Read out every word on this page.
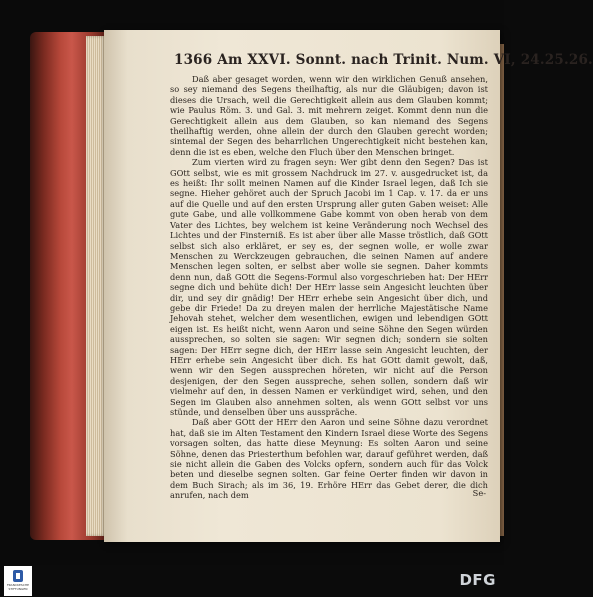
1366 Am XXVI. Sonnt. nach Trinit. Num. VI, 24.25.26.

Daß aber gesaget worden, wenn wir den wirklichen Genuß ansehen, so sey niemand des Segens theilhaftig, als nur die Gläubigen; davon ist dieses die Ursach, weil die Gerechtigkeit allein aus dem Glauben kommt; wie Paulus Röm. 3. und Gal. 3. mit mehrern zeiget. Kommt denn nun die Gerechtigkeit allein aus dem Glauben, so kan niemand des Segens theilhaftig werden, ohne allein der durch den Glauben gerecht worden; sintemal der Segen des beharrlichen Ungerechtigkeit nicht bestehen kan, denn die ist es eben, welche den Fluch über den Menschen bringet.

Zum vierten wird zu fragen seyn: Wer gibt denn den Segen? Das ist GOtt selbst, wie es mit grossem Nachdruck im 27. v. ausgedrucket ist, da es heißt: Ihr sollt meinen Namen auf die Kinder Israel legen, daß Ich sie segne. Hieher gehöret auch der Spruch Jacobi im 1 Cap. v. 17. da er uns auf die Quelle und auf den ersten Ursprung aller guten Gaben weiset: Alle gute Gabe, und alle vollkommene Gabe kommt von oben herab von dem Vater des Lichtes, bey welchem ist keine Veränderung noch Wechsel des Lichtes und der Finsterniß. Es ist aber über alle Masse tröstlich, daß GOtt selbst sich also erkläret, er sey es, der segnen wolle, er wolle zwar Menschen zu Werckzeugen gebrauchen, die seinen Namen auf andere Menschen legen solten, er selbst aber wolle sie segnen. Daher kommts denn nun, daß GOtt die Segens-Formul also vorgeschrieben hat: Der HErr segne dich und behüte dich! Der HErr lasse sein Angesicht leuchten über dir, und sey dir gnädig! Der HErr erhebe sein Angesicht über dich, und gebe dir Friede! Da zu dreyen malen der herrliche Majestätische Name Jehovah stehet, welcher dem wesentlichen, ewigen und lebendigen GOtt eigen ist. Es heißt nicht, wenn Aaron und seine Söhne den Segen würden aussprechen, so solten sie sagen: Wir segnen dich; sondern sie solten sagen: Der HErr segne dich, der HErr lasse sein Angesicht leuchten, der HErr erhebe sein Angesicht über dich. Es hat GOtt damit gewolt, daß, wenn wir den Segen aussprechen höreten, wir nicht auf die Person desjenigen, der den Segen ausspreche, sehen sollen, sondern daß wir vielmehr auf den, in dessen Namen er verkündiget wird, sehen, und den Segen im Glauben also annehmen solten, als wenn GOtt selbst vor uns stünde, und denselben über uns ausspräche.

Daß aber GOtt der HErr den Aaron und seine Söhne dazu verordnet hat, daß sie im Alten Testament den Kindern Israel diese Worte des Segens vorsagen solten, das hatte diese Meynung: Es solten Aaron und seine Söhne, denen das Priesterthum befohlen war, darauf geführet werden, daß sie nicht allein die Gaben des Volcks opfern, sondern auch für das Volck beten und dieselbe segnen solten. Gar feine Oerter finden wir davon in dem Buch Sirach; als im 36, 19. Erhöre HErr das Gebet derer, die dich anrufen, nach dem	Se-
FRANCKESCHE STIFTUNGEN	DFG
